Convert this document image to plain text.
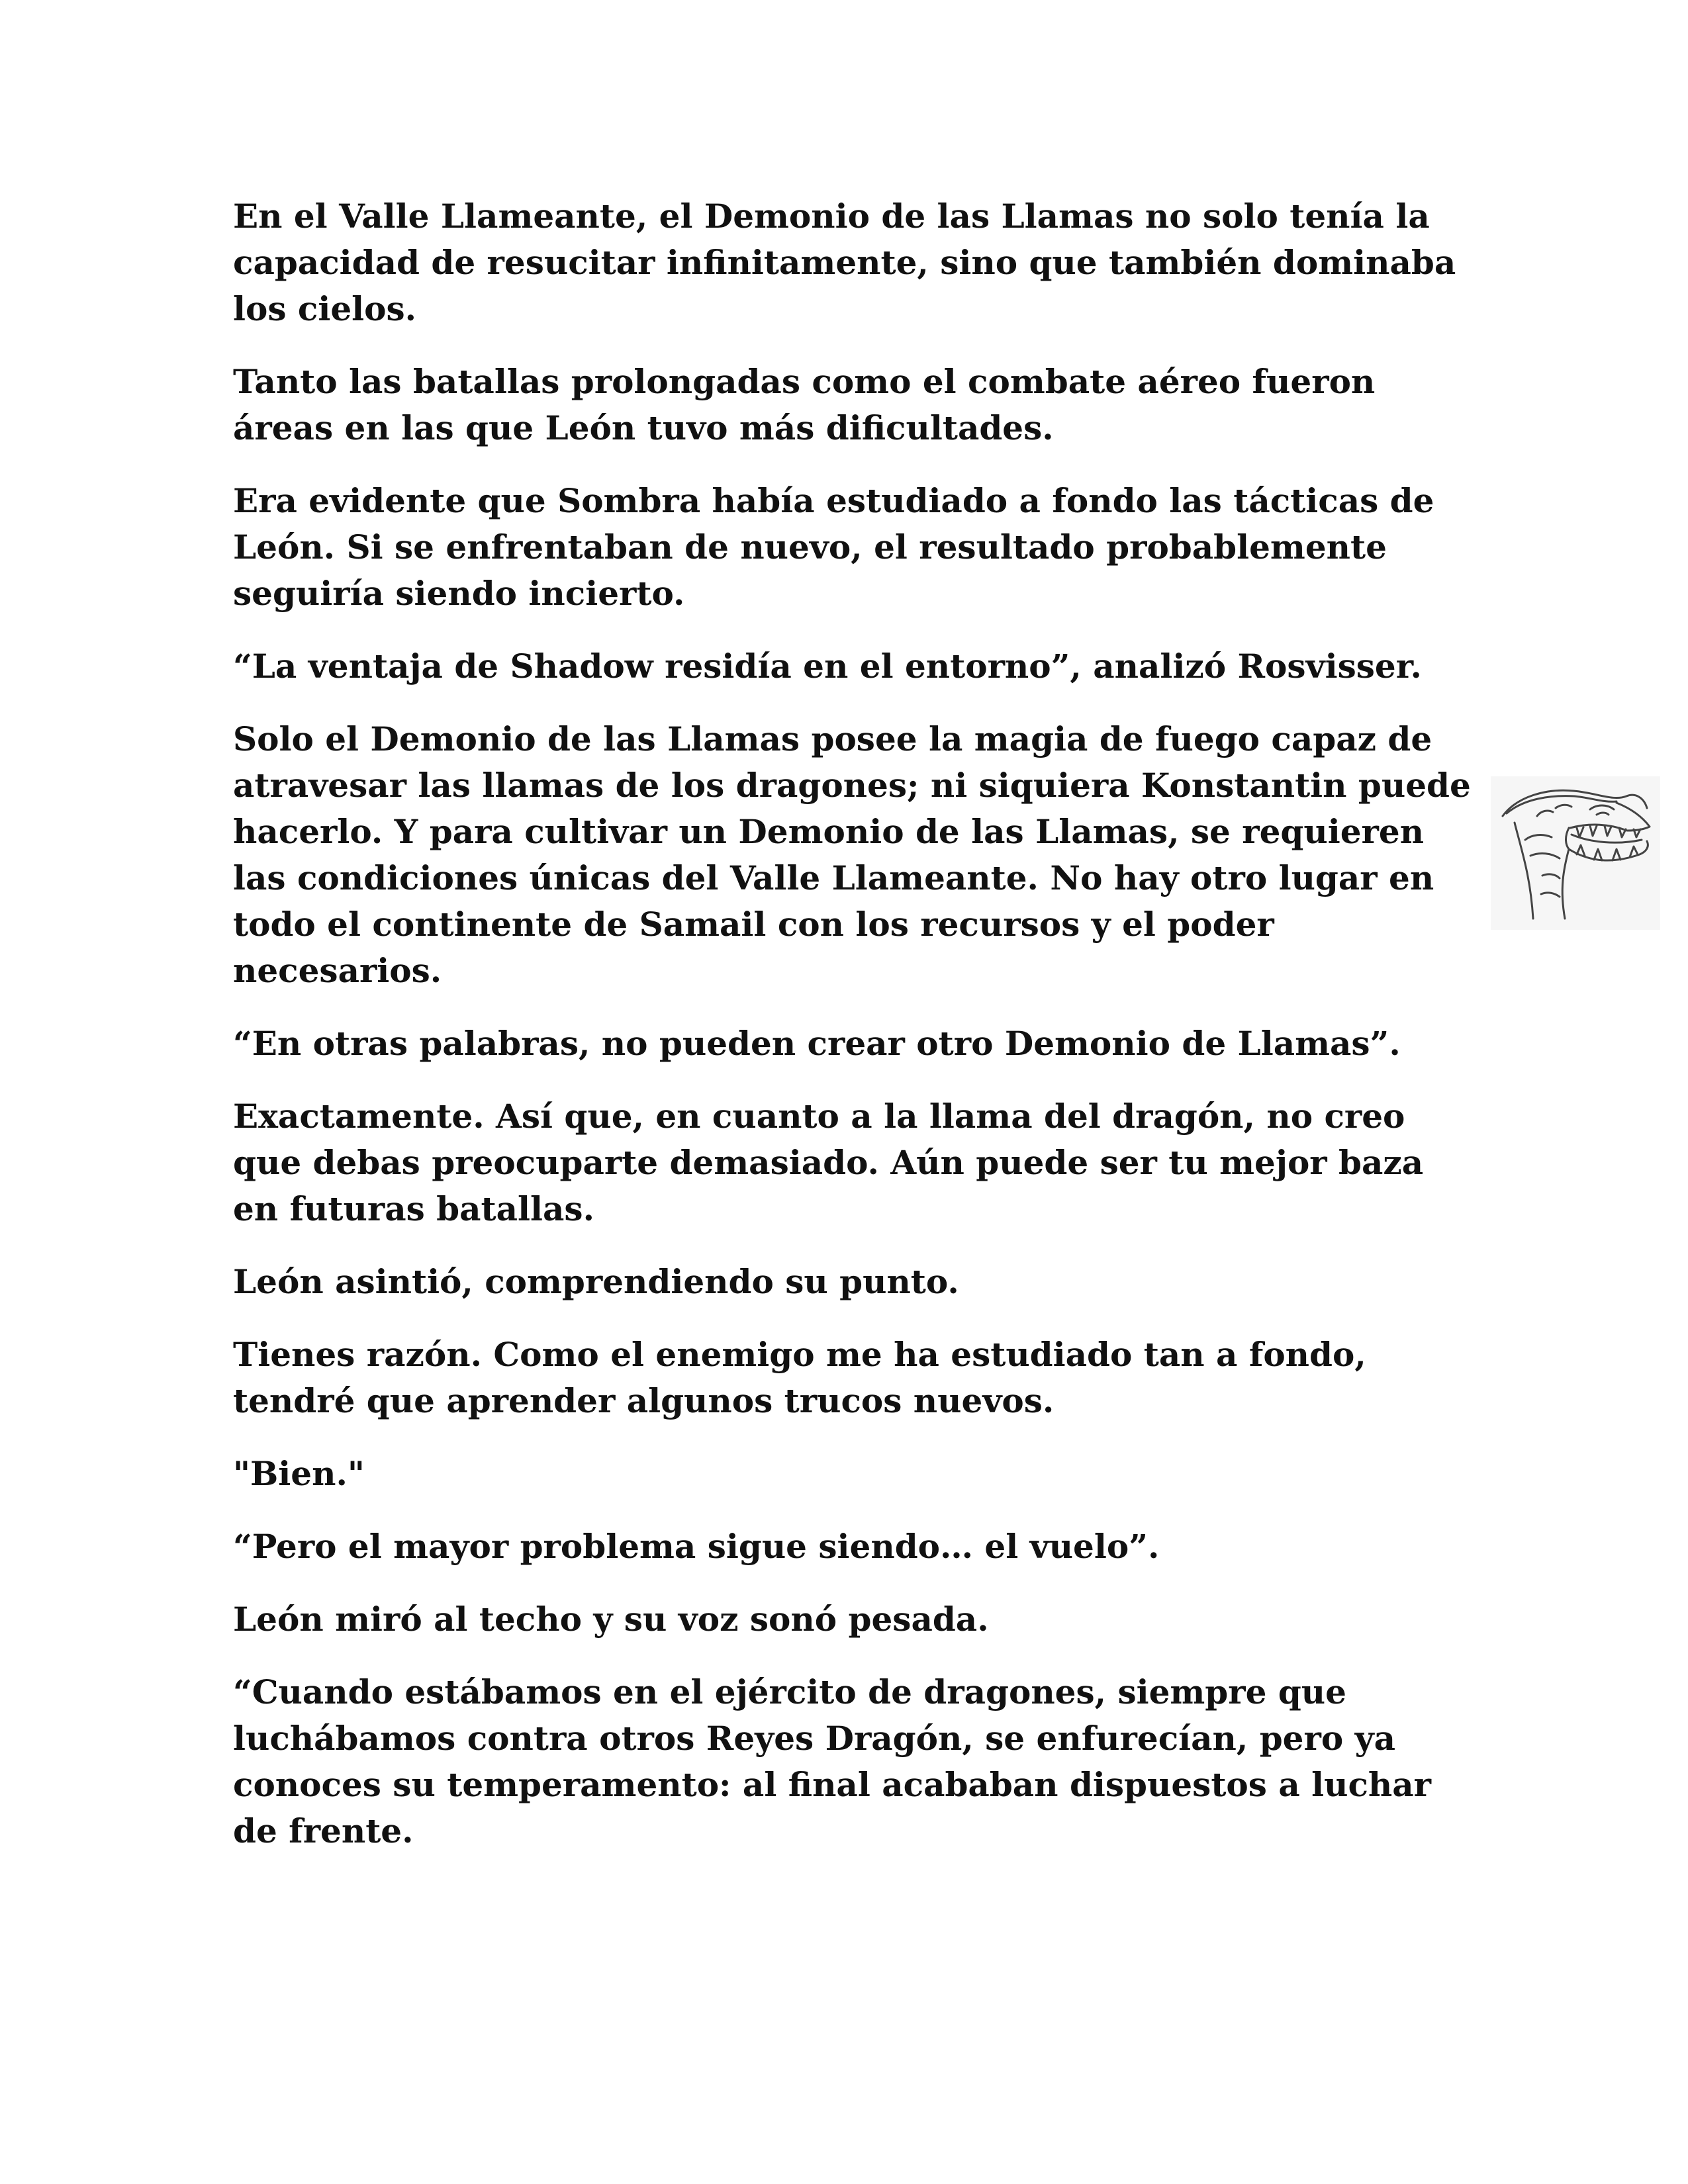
En el Valle Llameante, el Demonio de las Llamas no solo tenía la capacidad de resucitar infinitamente, sino que también dominaba los cielos.

Tanto las batallas prolongadas como el combate aéreo fueron áreas en las que León tuvo más dificultades.

Era evidente que Sombra había estudiado a fondo las tácticas de León. Si se enfrentaban de nuevo, el resultado probablemente seguiría siendo incierto.

“La ventaja de Shadow residía en el entorno”, analizó Rosvisser.

Solo el Demonio de las Llamas posee la magia de fuego capaz de atravesar las llamas de los dragones; ni siquiera Konstantin puede hacerlo. Y para cultivar un Demonio de las Llamas, se requieren las condiciones únicas del Valle Llameante. No hay otro lugar en todo el continente de Samail con los recursos y el poder necesarios.

“En otras palabras, no pueden crear otro Demonio de Llamas”.

Exactamente. Así que, en cuanto a la llama del dragón, no creo que debas preocuparte demasiado. Aún puede ser tu mejor baza en futuras batallas.

León asintió, comprendiendo su punto.

Tienes razón. Como el enemigo me ha estudiado tan a fondo, tendré que aprender algunos trucos nuevos.

"Bien."

“Pero el mayor problema sigue siendo… el vuelo”.

León miró al techo y su voz sonó pesada.

“Cuando estábamos en el ejército de dragones, siempre que luchábamos contra otros Reyes Dragón, se enfurecían, pero ya conoces su temperamento: al final acababan dispuestos a luchar de frente.
